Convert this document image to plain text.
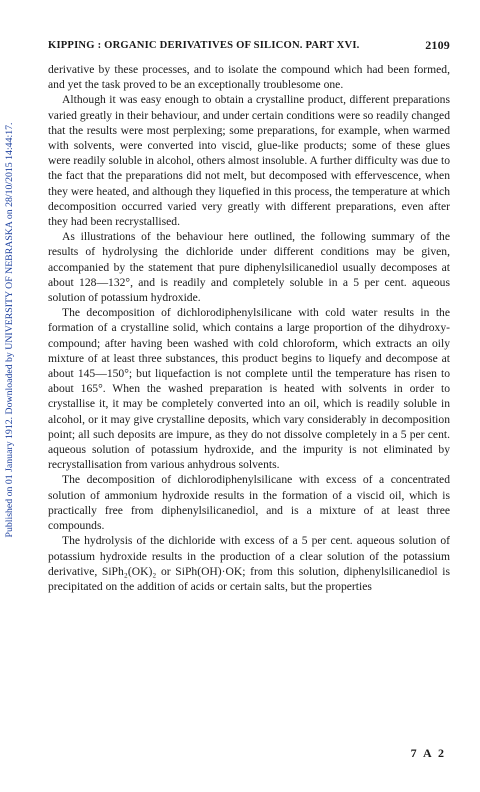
Published on 01 January 1912. Downloaded by UNIVERSITY OF NEBRASKA on 28/10/2015 14:44:17.
KIPPING : ORGANIC DERIVATIVES OF SILICON. PART XVI.	2109

derivative by these processes, and to isolate the compound which had been formed, and yet the task proved to be an exceptionally troublesome one.

Although it was easy enough to obtain a crystalline product, different preparations varied greatly in their behaviour, and under certain conditions were so readily changed that the results were most perplexing; some preparations, for example, when warmed with solvents, were converted into viscid, glue-like products; some of these glues were readily soluble in alcohol, others almost insoluble. A further difficulty was due to the fact that the preparations did not melt, but decomposed with effervescence, when they were heated, and although they liquefied in this process, the temperature at which decomposition occurred varied very greatly with different preparations, even after they had been recrystallised.

As illustrations of the behaviour here outlined, the following summary of the results of hydrolysing the dichloride under different conditions may be given, accompanied by the statement that pure diphenylsilicanediol usually decomposes at about 128—132°, and is readily and completely soluble in a 5 per cent. aqueous solution of potassium hydroxide.

The decomposition of dichlorodiphenylsilicane with cold water results in the formation of a crystalline solid, which contains a large proportion of the dihydroxy-compound; after having been washed with cold chloroform, which extracts an oily mixture of at least three substances, this product begins to liquefy and decompose at about 145—150°; but liquefaction is not complete until the temperature has risen to about 165°. When the washed preparation is heated with solvents in order to crystallise it, it may be completely converted into an oil, which is readily soluble in alcohol, or it may give crystalline deposits, which vary considerably in decomposition point; all such deposits are impure, as they do not dissolve completely in a 5 per cent. aqueous solution of potassium hydroxide, and the impurity is not eliminated by recrystallisation from various anhydrous solvents.

The decomposition of dichlorodiphenylsilicane with excess of a concentrated solution of ammonium hydroxide results in the formation of a viscid oil, which is practically free from diphenylsilicanediol, and is a mixture of at least three compounds.

The hydrolysis of the dichloride with excess of a 5 per cent. aqueous solution of potassium hydroxide results in the production of a clear solution of the potassium derivative, SiPh₂(OK)₂ or SiPh(OH)·OK; from this solution, diphenylsilicanediol is precipitated on the addition of acids or certain salts, but the properties

7 A 2
